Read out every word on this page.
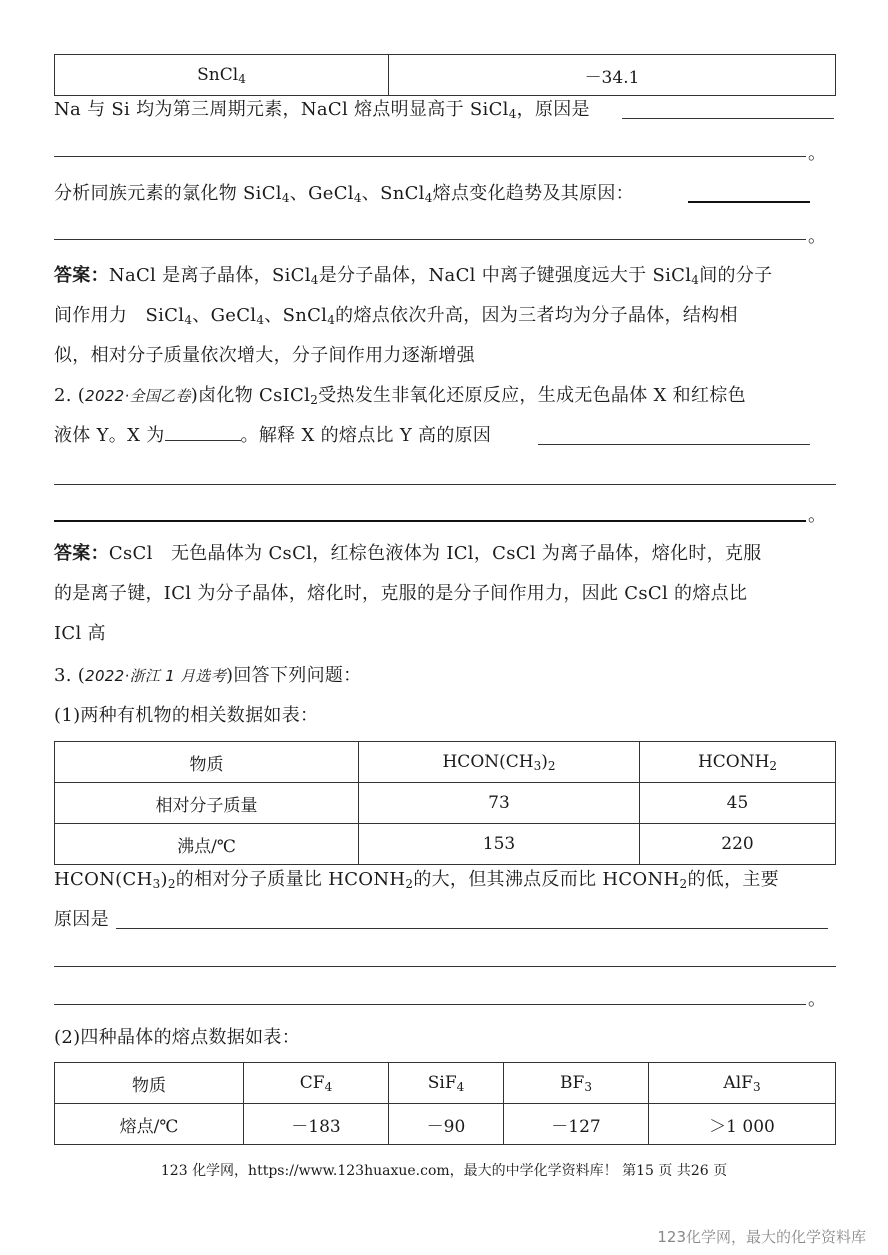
SnCl$_4$	－34.1
Na 与 Si 均为第三周期元素，NaCl 熔点明显高于 SiCl$_4$，原因是
。
分析同族元素的氯化物 SiCl$_4$、GeCl$_4$、SnCl$_4$熔点变化趋势及其原因：
。
答案：NaCl 是离子晶体，SiCl$_4$是分子晶体，NaCl 中离子键强度远大于 SiCl$_4$间的分子
间作用力　SiCl$_4$、GeCl$_4$、SnCl$_4$的熔点依次升高，因为三者均为分子晶体，结构相
似，相对分子质量依次增大，分子间作用力逐渐增强
2. (2022·全国乙卷)卤化物 CsICl$_2$受热发生非氧化还原反应，生成无色晶体 X 和红棕色
液体 Y。X 为	。解释 X 的熔点比 Y 高的原因
。
答案：CsCl　无色晶体为 CsCl，红棕色液体为 ICl，CsCl 为离子晶体，熔化时，克服
的是离子键，ICl 为分子晶体，熔化时，克服的是分子间作用力，因此 CsCl 的熔点比
ICl 高
3. (2022·浙江 1 月选考)回答下列问题：
(1)两种有机物的相关数据如表：
物质	$HCON(CH_3)_2$	$HCONH_2$
相对分子质量	73	45
沸点/℃	153	220
$HCON(CH_3)_2$的相对分子质量比 $HCONH_2$的大，但其沸点反而比 $HCONH_2$的低，主要
原因是
。
(2)四种晶体的熔点数据如表：
物质	$CF_4$	SiF$_4$	$BF_3$	AlF$_3$
熔点/℃	－183	－90	－127	＞1 000
123 化学网，https://www.123huaxue.com，最大的中学化学资料库！ 第15 页 共26 页
123化学网，最大的化学资料库
